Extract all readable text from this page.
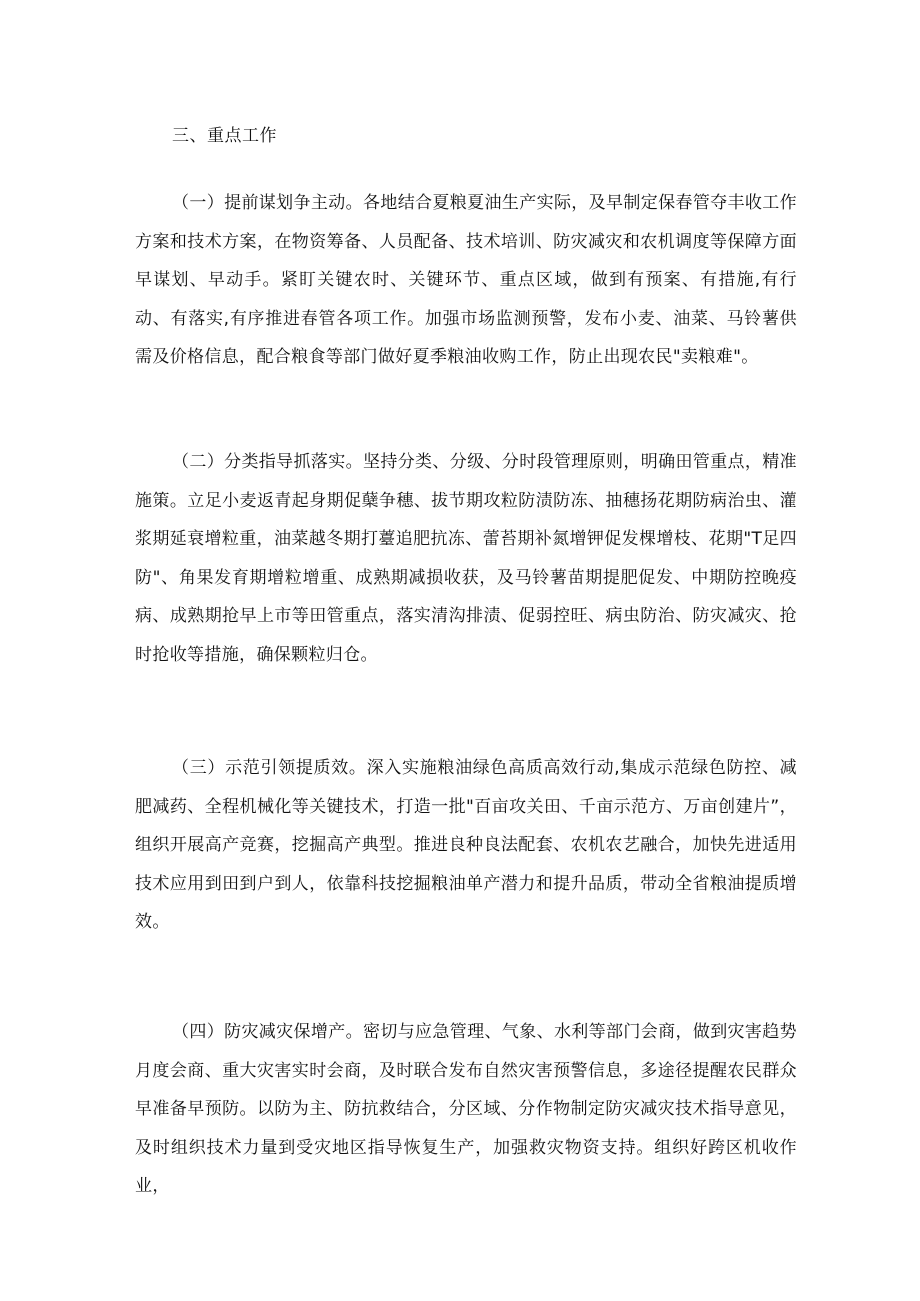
三、重点工作

（一）提前谋划争主动。各地结合夏粮夏油生产实际，及早制定保春管夺丰收工作方案和技术方案，在物资筹备、人员配备、技术培训、防灾减灾和农机调度等保障方面早谋划、早动手。紧盯关键农时、关键环节、重点区域，做到有预案、有措施,有行动、有落实,有序推进春管各项工作。加强市场监测预警，发布小麦、油菜、马铃薯供需及价格信息，配合粮食等部门做好夏季粮油收购工作，防止出现农民"卖粮难"。

（二）分类指导抓落实。坚持分类、分级、分时段管理原则，明确田管重点，精准施策。立足小麦返青起身期促蘖争穗、拔节期攻粒防渍防冻、抽穗扬花期防病治虫、灌浆期延衰增粒重，油菜越冬期打薹追肥抗冻、蕾苔期补氮增钾促发棵增枝、花期"T足四防"、角果发育期增粒增重、成熟期减损收获，及马铃薯苗期提肥促发、中期防控晚疫病、成熟期抢早上市等田管重点，落实清沟排渍、促弱控旺、病虫防治、防灾减灾、抢时抢收等措施，确保颗粒归仓。

（三）示范引领提质效。深入实施粮油绿色高质高效行动,集成示范绿色防控、减肥减药、全程机械化等关键技术，打造一批"百亩攻关田、千亩示范方、万亩创建片”，组织开展高产竞赛，挖掘高产典型。推进良种良法配套、农机农艺融合，加快先进适用技术应用到田到户到人，依靠科技挖掘粮油单产潜力和提升品质，带动全省粮油提质增效。

（四）防灾减灾保增产。密切与应急管理、气象、水利等部门会商，做到灾害趋势月度会商、重大灾害实时会商，及时联合发布自然灾害预警信息，多途径提醒农民群众早准备早预防。以防为主、防抗救结合，分区域、分作物制定防灾减灾技术指导意见，及时组织技术力量到受灾地区指导恢复生产，加强救灾物资支持。组织好跨区机收作业，
